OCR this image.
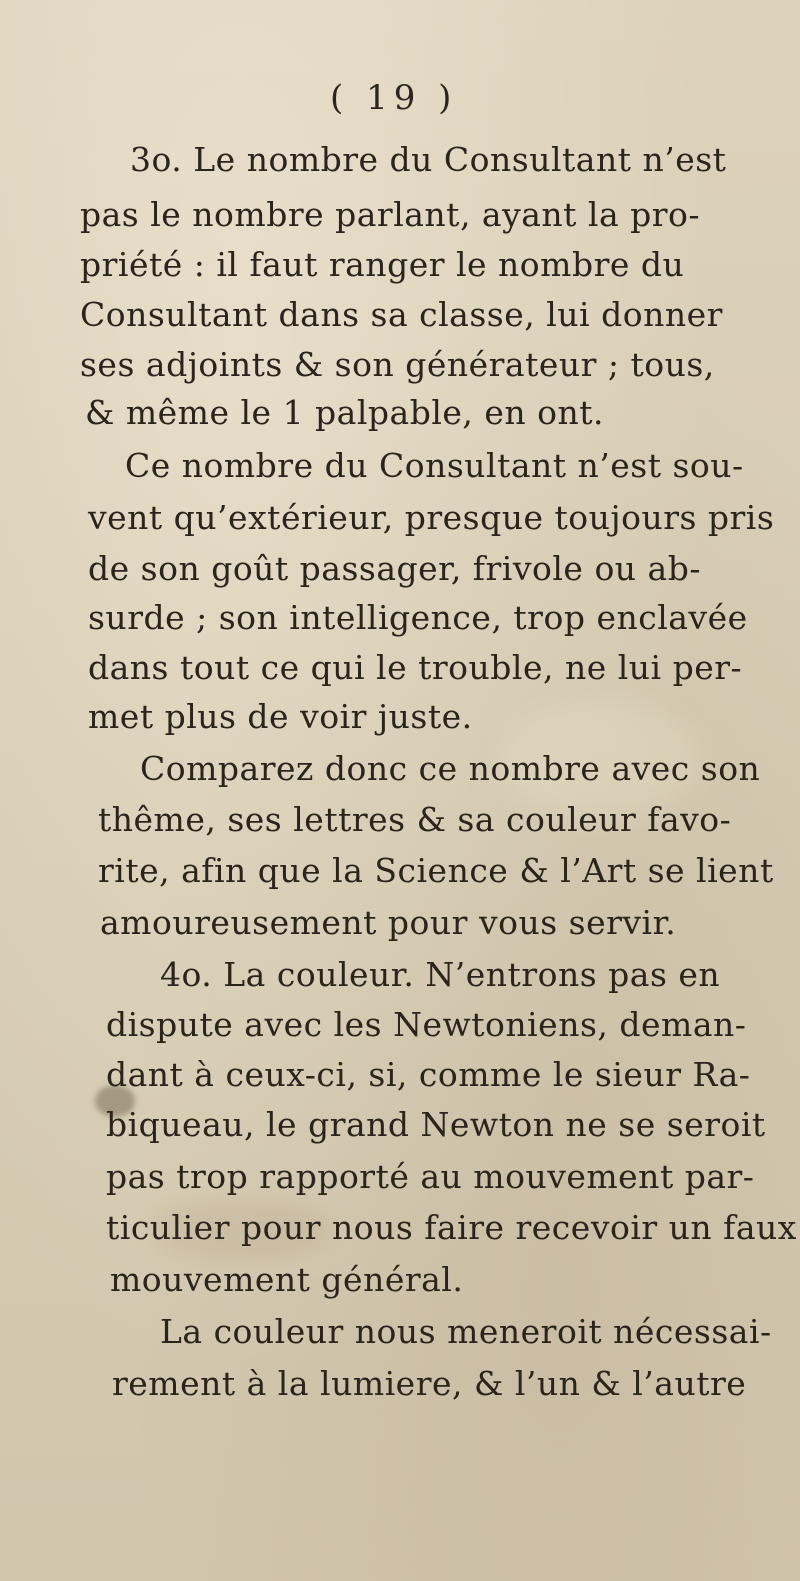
( 19 )
3o. Le nombre du Consultant n’est
pas le nombre parlant, ayant la pro-
priété : il faut ranger le nombre du
Consultant dans sa classe, lui donner
ses adjoints & son générateur ; tous,
& même le 1 palpable, en ont.
Ce nombre du Consultant n’est sou-
vent qu’extérieur, presque toujours pris
de son goût passager, frivole ou ab-
surde ; son intelligence, trop enclavée
dans tout ce qui le trouble, ne lui per-
met plus de voir juste.
Comparez donc ce nombre avec son
thême, ses lettres & sa couleur favo-
rite, afin que la Science & l’Art se lient
amoureusement pour vous servir.
4o. La couleur. N’entrons pas en
dispute avec les Newtoniens, deman-
dant à ceux-ci, si, comme le sieur Ra-
biqueau, le grand Newton ne se seroit
pas trop rapporté au mouvement par-
ticulier pour nous faire recevoir un faux
mouvement général.
La couleur nous meneroit nécessai-
rement à la lumiere, & l’un & l’autre
